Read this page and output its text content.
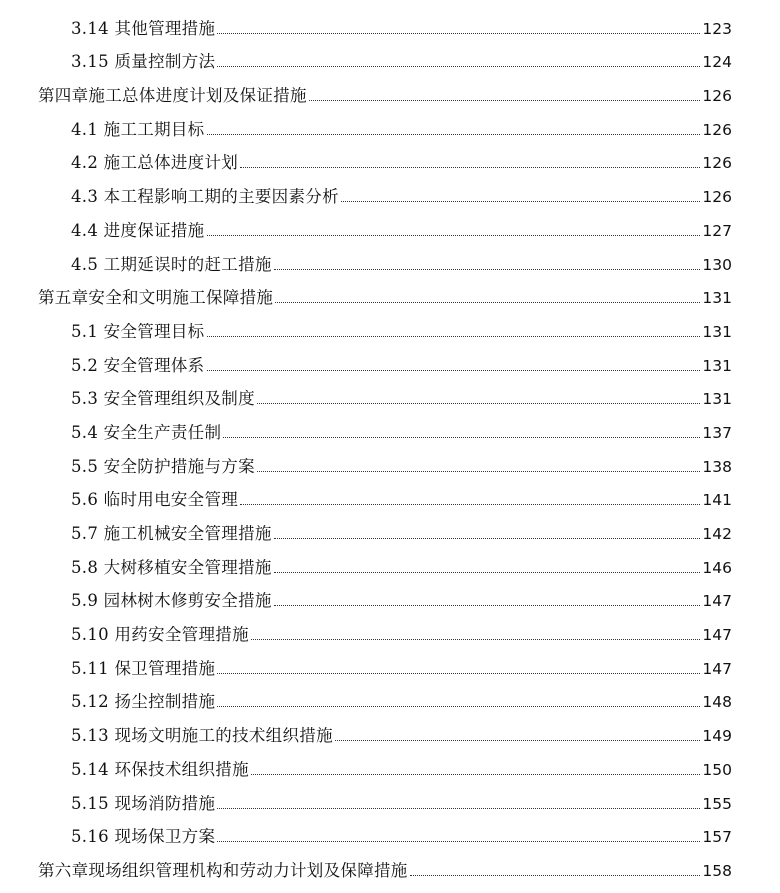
3.14 其他管理措施	123
3.15 质量控制方法	124
第四章施工总体进度计划及保证措施	126
4.1 施工工期目标	126
4.2 施工总体进度计划	126
4.3 本工程影响工期的主要因素分析	126
4.4 进度保证措施	127
4.5 工期延误时的赶工措施	130
第五章安全和文明施工保障措施	131
5.1 安全管理目标	131
5.2 安全管理体系	131
5.3 安全管理组织及制度	131
5.4 安全生产责任制	137
5.5 安全防护措施与方案	138
5.6 临时用电安全管理	141
5.7 施工机械安全管理措施	142
5.8 大树移植安全管理措施	146
5.9 园林树木修剪安全措施	147
5.10 用药安全管理措施	147
5.11 保卫管理措施	147
5.12 扬尘控制措施	148
5.13 现场文明施工的技术组织措施	149
5.14 环保技术组织措施	150
5.15 现场消防措施	155
5.16 现场保卫方案	157
第六章现场组织管理机构和劳动力计划及保障措施	158
